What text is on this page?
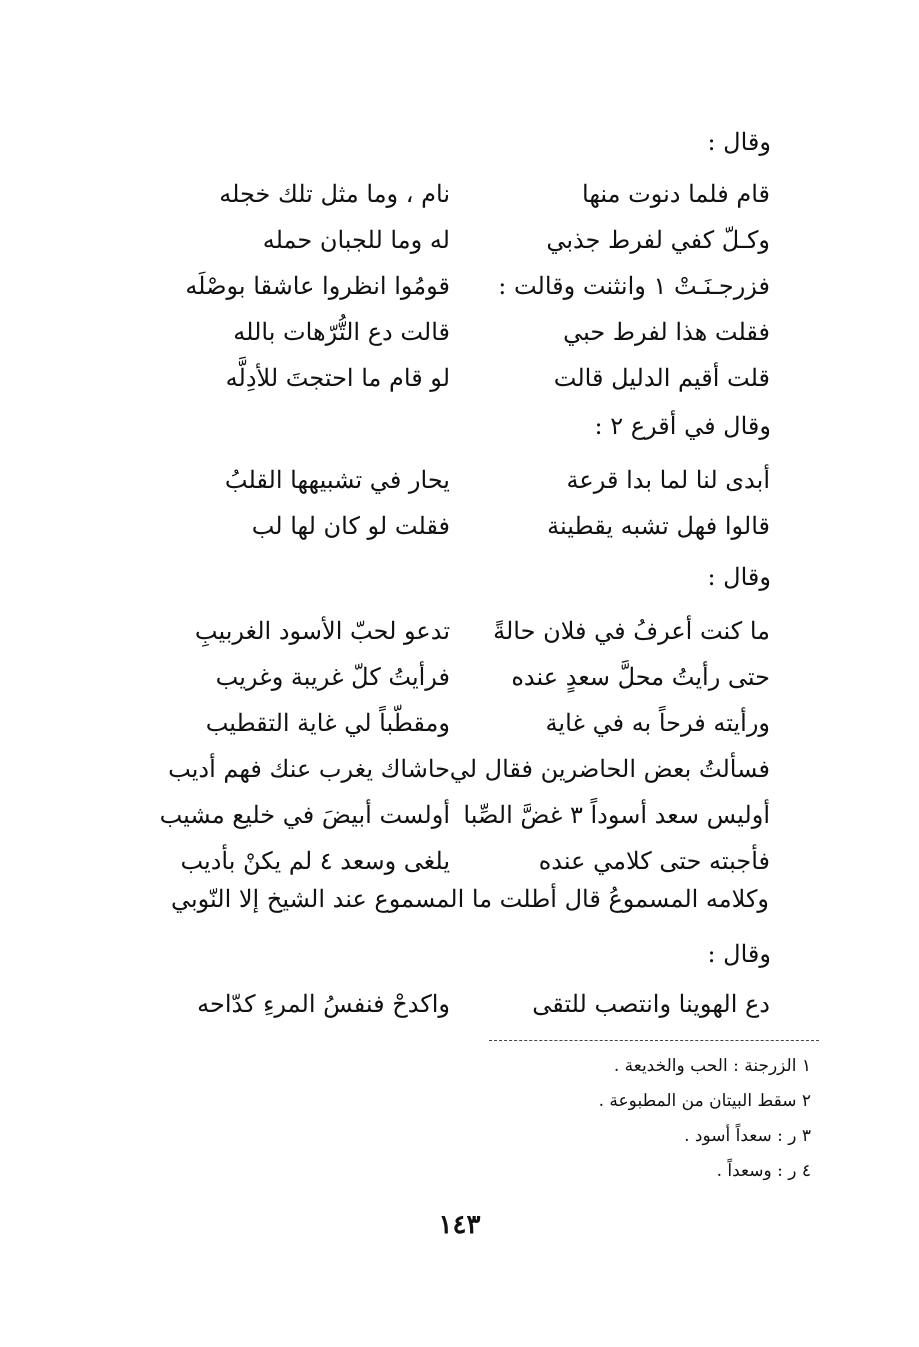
وقال :
قام فلما دنوت منها
نام ، وما مثل تلك خجله
وكـلّ كفي لفرط جذبي
له وما للجبان حمله
فزرجـنَـتْ ١ وانثنت وقالت :
قومُوا انظروا عاشقا بوصْلَه
فقلت هذا لفرط حبي
قالت دع التُّرّهات بالله
قلت أقيم الدليل قالت
لو قام ما احتجتَ للأدِلَّه
وقال في أقرع ٢ :
أبدى لنا لما بدا قرعة
يحار في تشبيهها القلبُ
قالوا فهل تشبه يقطينة
فقلت لو كان لها لب
وقال :
ما كنت أعرفُ في فلان حالةً
تدعو لحبّ الأسود الغربيبِ
حتى رأيتُ محلَّ سعدٍ عنده
فرأيتُ كلّ غريبة وغريب
ورأيته فرحاً به في غاية
ومقطّباً لي غاية التقطيب
فسألتُ بعض الحاضرين فقال لي
حاشاك يغرب عنك فهم أديب
أوليس سعد أسوداً ٣ غضَّ الصِّبا
أولست أبيضَ في خليع مشيب
فأجبته حتى كلامي عنده
يلغى وسعد ٤ لم يكنْ بأديب
وكلامه المسموعُ قال أطلت ما المسموع عند الشيخ إلا النّوبي
وقال :
دع الهوينا وانتصب للتقى
واكدحْ فنفسُ المرءِ كدّاحه
١ الزرجنة : الحب والخديعة .
٢ سقط البيتان من المطبوعة .
٣ ر : سعداً أسود .
٤ ر : وسعداً .
١٤٣
